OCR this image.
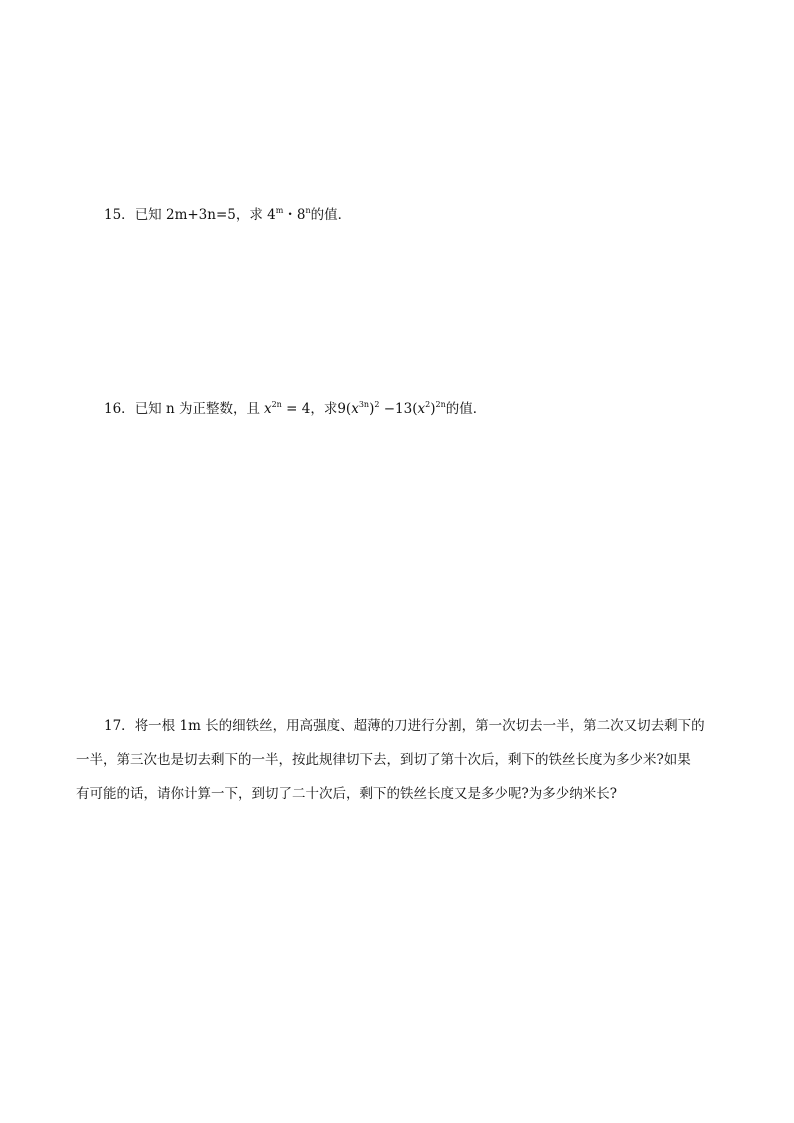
15．已知 2m+3n=5，求 4$^m$・8$^n$的值．
16．已知 n 为正整数，且 $x^{2n} = 4$，求$9(x^{3n})^2 -13(x^2)^{2n}$的值．
17．将一根 1m 长的细铁丝，用高强度、超薄的刀进行分割，第一次切去一半，第二次又切去剩下的
一半，第三次也是切去剩下的一半，按此规律切下去，到切了第十次后，剩下的铁丝长度为多少米?如果
有可能的话，请你计算一下，到切了二十次后，剩下的铁丝长度又是多少呢?为多少纳米长?
